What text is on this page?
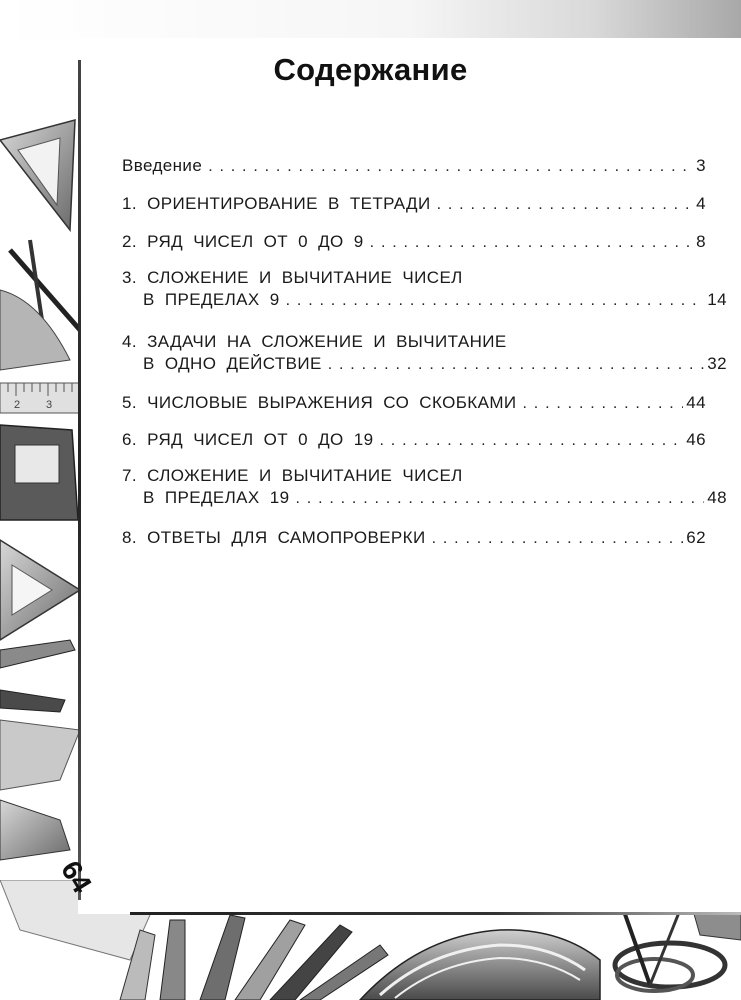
2 3
Содержание
Введение . . .	3
1. ОРИЕНТИРОВАНИЕ В ТЕТРАДИ . . .	4
2. РЯД ЧИСЕЛ ОТ 0 ДО 9 . . .	8
3. СЛОЖЕНИЕ И ВЫЧИТАНИЕ ЧИСЕЛ
В ПРЕДЕЛАХ 9 . . .	14
4. ЗАДАЧИ НА СЛОЖЕНИЕ И ВЫЧИТАНИЕ
В ОДНО ДЕЙСТВИЕ . . .	32
5. ЧИСЛОВЫЕ ВЫРАЖЕНИЯ СО СКОБКАМИ . . .	44
6. РЯД ЧИСЕЛ ОТ 0 ДО 19 . . .	46
7. СЛОЖЕНИЕ И ВЫЧИТАНИЕ ЧИСЕЛ
В ПРЕДЕЛАХ 19 . . .	48
8. ОТВЕТЫ ДЛЯ САМОПРОВЕРКИ . . .	62
64
